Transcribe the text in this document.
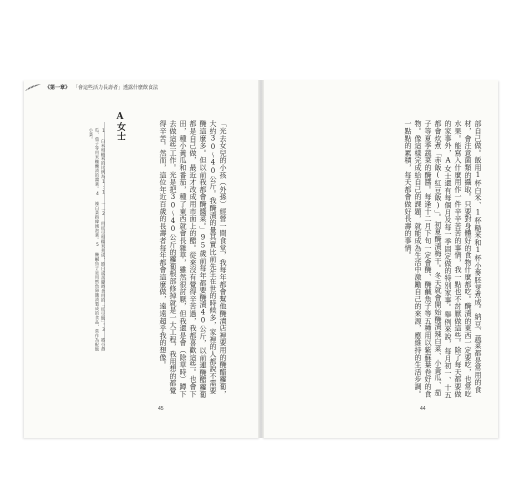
《第一章》 「會這些活力長壽者」透露什麼飲食法
部自己做。飯用1杯白米、1杯糙米和1杯小麥胚芽煮成。納豆、蔬菜都是常用的食材，會注意菌類的攝取。只要對身體好的食物什麼都吃。醃漬的東西一定要吃，也常吃水果。能寫入什麼用作一件辛辛苦苦的事情，我一點也不討厭做這些。除了每天都要做的家事外，A女士還有每個月及每一季固定做的特別家事。舉例來說，每月初一、十五都會炊煮「赤飯(紅豆飯)」。初夏醃漬梅干。冬天就會開始醃漬辣白菜、小黃瓜、茄子等夏季蔬菜的醃醬。每逢十二月下旬一定會醃、醃鹹魚子等五種用以紫蘇葉卷好的食物。像這樣完成給自己的課題，就能成為生活中激勵自己的來源，應維持的生活步調。一點點的累積，每天都會做好長壽的事情。
A女士	「光去女兒的小孩（外孫）經營一間食堂，我每年都會幫他醃漬店裡要用的醃醋蘿蔔，大約30～40公斤。我醃漬的量其實比前先生在世的時候多，家裡的人都說不需要醃這麼多。但以前我都會醃醬菜。」95歲前每年都要醃漬40公斤，以前連醃醋蘿蔔都是自己做，最近才改成用市面上的醋。從來沒有覺得辛苦過，我都喜歡這些。也會下田，種小黃瓜和番茄，種了東西就會長雜草，雖然很討厭，但我還是會（除草時）蹲下去做這些工作。光是把30～40公斤的蘿蔔根部修掉就是一大工程，我用想的都覺得辛苦。然而，這位年近百歲的長壽者每年都會這麼做，遠遠超乎我的想像。
1 白米和糙米的比例為1:1 ……2 用紅豆和糯米煮成，節日或喜慶時食用的「紅豆飯」。3 將小黃瓜、茄子等用米糠醃漬的醬菜。4 辣白菜指韓國泡菜。5 醃鹹魚子是用鱈魚卵鹽漬製成的食品，常作為配飯小菜。
45	44
